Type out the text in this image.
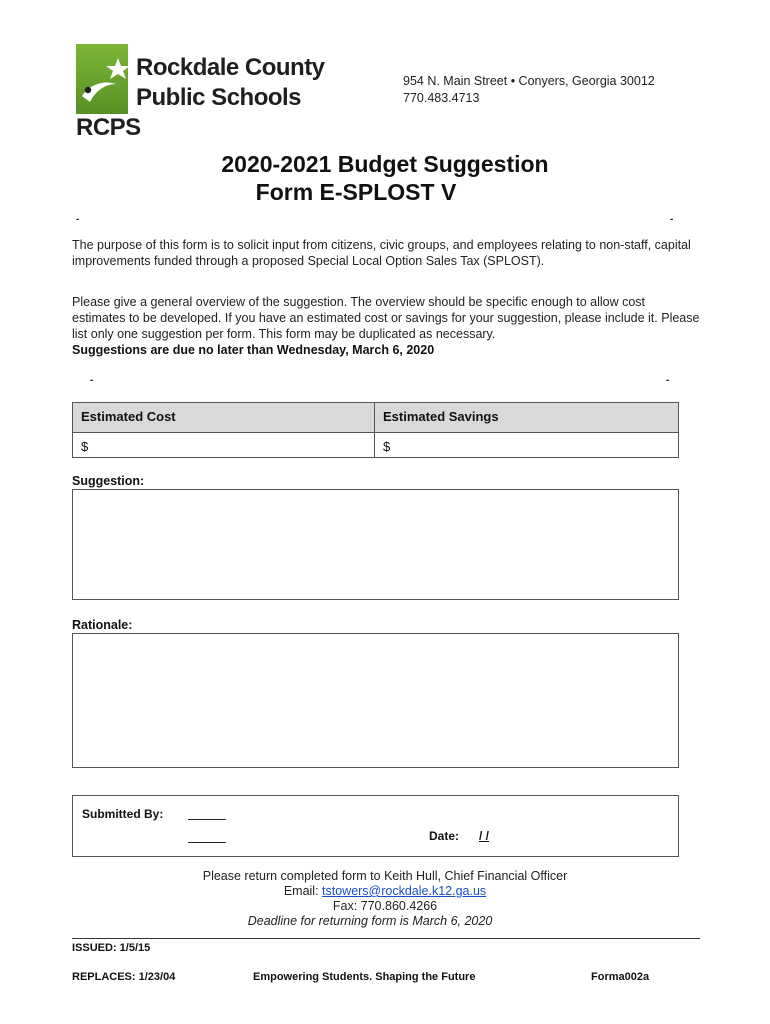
Rockdale County
Public Schools
RCPS
954 N. Main Street • Conyers, Georgia 30012
770.483.4713
2020-2021 Budget Suggestion
Form E-SPLOST V
-	-
The purpose of this form is to solicit input from citizens, civic groups, and employees relating to non-staff, capital improvements funded through a proposed Special Local Option Sales Tax (SPLOST).
Please give a general overview of the suggestion. The overview should be specific enough to allow cost estimates to be developed. If you have an estimated cost or savings for your suggestion, please include it. Please list only one suggestion per form. This form may be duplicated as necessary.
Suggestions are due no later than Wednesday, March 6, 2020
-	-
Estimated Cost	Estimated Savings
$	$
Suggestion:
Rationale:
Submitted By:
Date: / /
Please return completed form to Keith Hull, Chief Financial Officer
Email: tstowers@rockdale.k12.ga.us
Fax: 770.860.4266
Deadline for returning form is March 6, 2020
ISSUED: 1/5/15
REPLACES: 1/23/04	Empowering Students. Shaping the Future	Forma002a
